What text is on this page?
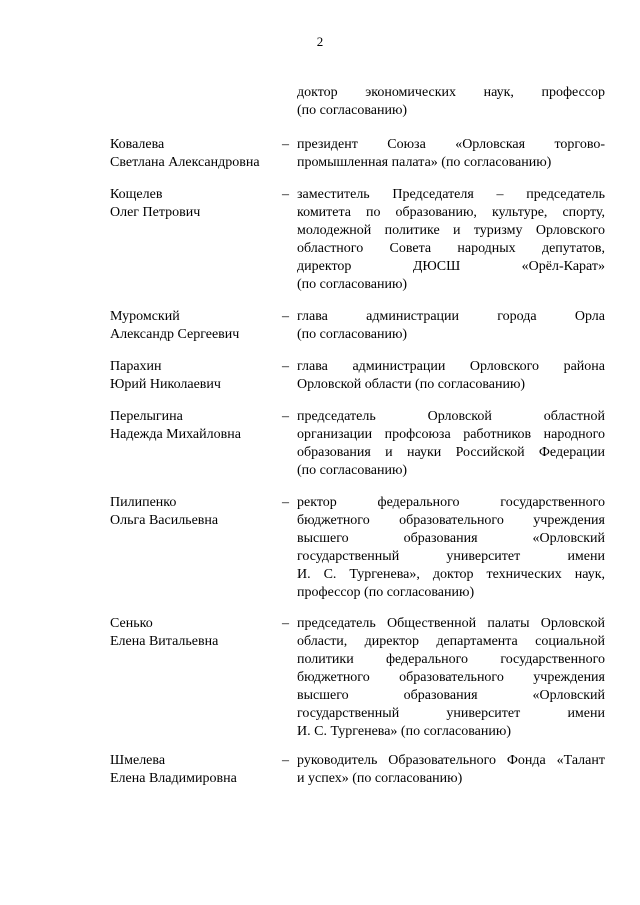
2
доктор экономических наук, профессор
(по согласованию)
Ковалева
Светлана Александровна
– президент Союза «Орловская торгово-
промышленная палата» (по согласованию)
Кощелев
Олег Петрович
– заместитель Председателя – председатель
комитета по образованию, культуре, спорту,
молодежной политике и туризму Орловского
областного Совета народных депутатов,
директор ДЮСШ «Орёл-Карат»
(по согласованию)
Муромский
Александр Сергеевич
– глава администрации города Орла
(по согласованию)
Парахин
Юрий Николаевич
– глава администрации Орловского района
Орловской области (по согласованию)
Перелыгина
Надежда Михайловна
– председатель Орловской областной
организации профсоюза работников народного
образования и науки Российской Федерации
(по согласованию)
Пилипенко
Ольга Васильевна
– ректор федерального государственного
бюджетного образовательного учреждения
высшего образования «Орловский
государственный университет имени
И. С. Тургенева», доктор технических наук,
профессор (по согласованию)
Сенько
Елена Витальевна
– председатель Общественной палаты Орловской
области, директор департамента социальной
политики федерального государственного
бюджетного образовательного учреждения
высшего образования «Орловский
государственный университет имени
И. С. Тургенева» (по согласованию)
Шмелева
Елена Владимировна
– руководитель Образовательного Фонда «Талант
и успех» (по согласованию)
